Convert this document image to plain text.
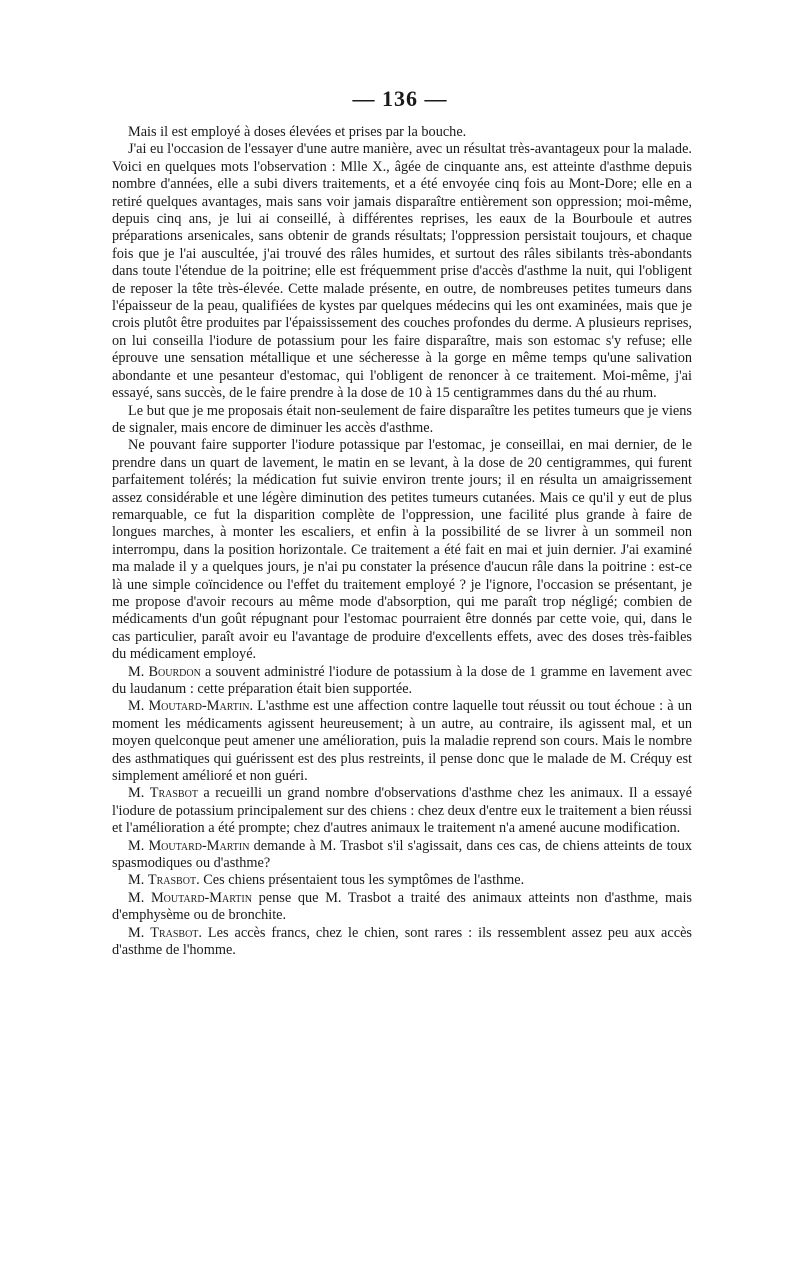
— 136 —

Mais il est employé à doses élevées et prises par la bouche.

J'ai eu l'occasion de l'essayer d'une autre manière, avec un résultat très-avantageux pour la malade. Voici en quelques mots l'observation : Mlle X., âgée de cinquante ans, est atteinte d'asthme depuis nombre d'années, elle a subi divers traitements, et a été envoyée cinq fois au Mont-Dore; elle en a retiré quelques avantages, mais sans voir jamais disparaître entièrement son oppression; moi-même, depuis cinq ans, je lui ai conseillé, à différentes reprises, les eaux de la Bourboule et autres préparations arsenicales, sans obtenir de grands résultats; l'oppression persistait toujours, et chaque fois que je l'ai auscultée, j'ai trouvé des râles humides, et surtout des râles sibilants très-abondants dans toute l'étendue de la poitrine; elle est fréquemment prise d'accès d'asthme la nuit, qui l'obligent de reposer la tête très-élevée. Cette malade présente, en outre, de nombreuses petites tumeurs dans l'épaisseur de la peau, qualifiées de kystes par quelques médecins qui les ont examinées, mais que je crois plutôt être produites par l'épaississement des couches profondes du derme. A plusieurs reprises, on lui conseilla l'iodure de potassium pour les faire disparaître, mais son estomac s'y refuse; elle éprouve une sensation métallique et une sécheresse à la gorge en même temps qu'une salivation abondante et une pesanteur d'estomac, qui l'obligent de renoncer à ce traitement. Moi-même, j'ai essayé, sans succès, de le faire prendre à la dose de 10 à 15 centigrammes dans du thé au rhum.

Le but que je me proposais était non-seulement de faire disparaître les petites tumeurs que je viens de signaler, mais encore de diminuer les accès d'asthme.

Ne pouvant faire supporter l'iodure potassique par l'estomac, je conseillai, en mai dernier, de le prendre dans un quart de lavement, le matin en se levant, à la dose de 20 centigrammes, qui furent parfaitement tolérés; la médication fut suivie environ trente jours; il en résulta un amaigrissement assez considérable et une légère diminution des petites tumeurs cutanées. Mais ce qu'il y eut de plus remarquable, ce fut la disparition complète de l'oppression, une facilité plus grande à faire de longues marches, à monter les escaliers, et enfin à la possibilité de se livrer à un sommeil non interrompu, dans la position horizontale. Ce traitement a été fait en mai et juin dernier. J'ai examiné ma malade il y a quelques jours, je n'ai pu constater la présence d'aucun râle dans la poitrine : est-ce là une simple coïncidence ou l'effet du traitement employé ? je l'ignore, l'occasion se présentant, je me propose d'avoir recours au même mode d'absorption, qui me paraît trop négligé; combien de médicaments d'un goût répugnant pour l'estomac pourraient être donnés par cette voie, qui, dans le cas particulier, paraît avoir eu l'avantage de produire d'excellents effets, avec des doses très-faibles du médicament employé.

M. Bourdon a souvent administré l'iodure de potassium à la dose de 1 gramme en lavement avec du laudanum : cette préparation était bien supportée.

M. Moutard-Martin. L'asthme est une affection contre laquelle tout réussit ou tout échoue : à un moment les médicaments agissent heureusement; à un autre, au contraire, ils agissent mal, et un moyen quelconque peut amener une amélioration, puis la maladie reprend son cours. Mais le nombre des asthmatiques qui guérissent est des plus restreints, il pense donc que le malade de M. Créquy est simplement amélioré et non guéri.

M. Trasbot a recueilli un grand nombre d'observations d'asthme chez les animaux. Il a essayé l'iodure de potassium principalement sur des chiens : chez deux d'entre eux le traitement a bien réussi et l'amélioration a été prompte; chez d'autres animaux le traitement n'a amené aucune modification.

M. Moutard-Martin demande à M. Trasbot s'il s'agissait, dans ces cas, de chiens atteints de toux spasmodiques ou d'asthme?

M. Trasbot. Ces chiens présentaient tous les symptômes de l'asthme.

M. Moutard-Martin pense que M. Trasbot a traité des animaux atteints non d'asthme, mais d'emphysème ou de bronchite.

M. Trasbot. Les accès francs, chez le chien, sont rares : ils ressemblent assez peu aux accès d'asthme de l'homme.
